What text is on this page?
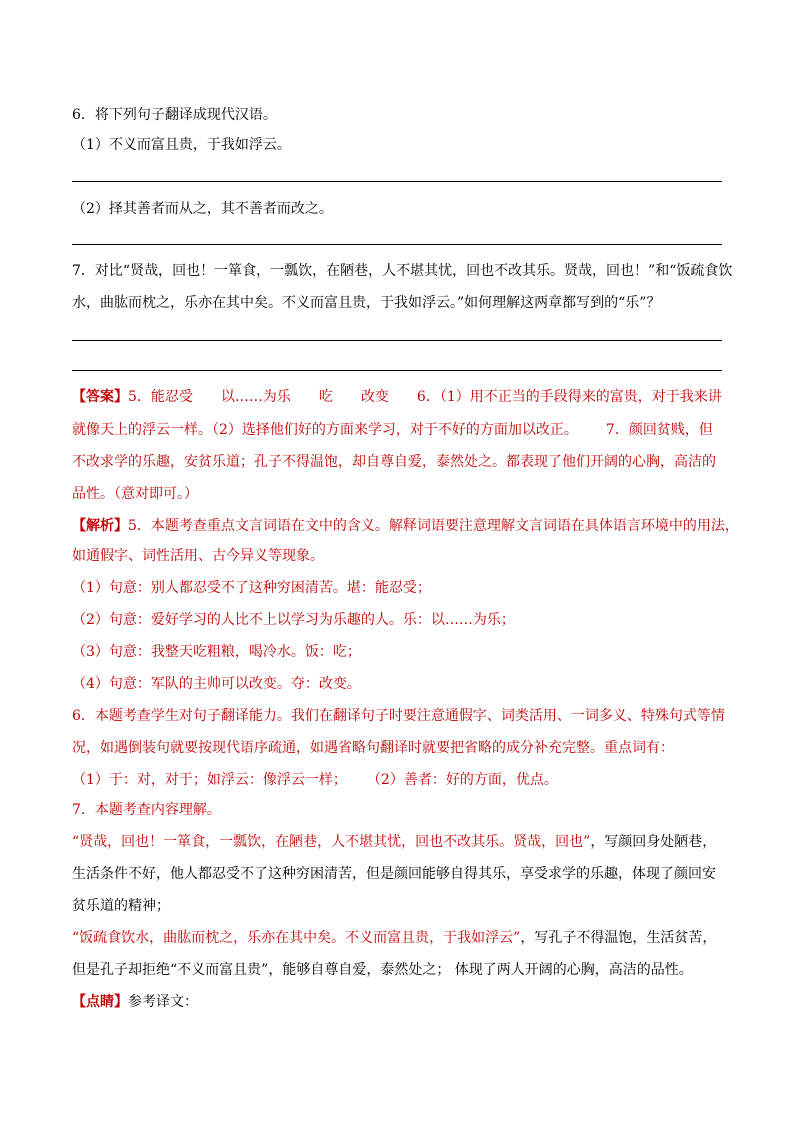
6．将下列句子翻译成现代汉语。
（1）不义而富且贵，于我如浮云。
（2）择其善者而从之，其不善者而改之。
7．对比“贤哉，回也！一箪食，一瓢饮，在陋巷，人不堪其忧，回也不改其乐。贤哉，回也！”和“饭疏食饮
水，曲肱而枕之，乐亦在其中矣。不义而富且贵，于我如浮云。”如何理解这两章都写到的“乐”？
【答案】5．能忍受 以……为乐 吃 改变 6．（1）用不正当的手段得来的富贵，对于我来讲
就像天上的浮云一样。（2）选择他们好的方面来学习，对于不好的方面加以改正。 7．颜回贫贱，但
不改求学的乐趣，安贫乐道；孔子不得温饱，却自尊自爱，泰然处之。都表现了他们开阔的心胸，高洁的
品性。（意对即可。）
【解析】5．本题考查重点文言词语在文中的含义。解释词语要注意理解文言词语在具体语言环境中的用法，
如通假字、词性活用、古今异义等现象。
（1）句意：别人都忍受不了这种穷困清苦。堪：能忍受；
（2）句意：爱好学习的人比不上以学习为乐趣的人。乐：以……为乐；
（3）句意：我整天吃粗粮，喝冷水。饭：吃；
（4）句意：军队的主帅可以改变。夺：改变。
6．本题考查学生对句子翻译能力。我们在翻译句子时要注意通假字、词类活用、一词多义、特殊句式等情
况，如遇倒装句就要按现代语序疏通，如遇省略句翻译时就要把省略的成分补充完整。重点词有：
（1）于：对，对于；如浮云：像浮云一样； （2）善者：好的方面，优点。
7．本题考查内容理解。
“贤哉，回也！一箪食，一瓢饮，在陋巷，人不堪其忧，回也不改其乐。贤哉，回也”，写颜回身处陋巷，
生活条件不好，他人都忍受不了这种穷困清苦，但是颜回能够自得其乐，享受求学的乐趣，体现了颜回安
贫乐道的精神；
“饭疏食饮水，曲肱而枕之，乐亦在其中矣。不义而富且贵，于我如浮云”，写孔子不得温饱，生活贫苦，
但是孔子却拒绝“不义而富且贵”，能够自尊自爱，泰然处之； 体现了两人开阔的心胸，高洁的品性。
【点睛】参考译文：
